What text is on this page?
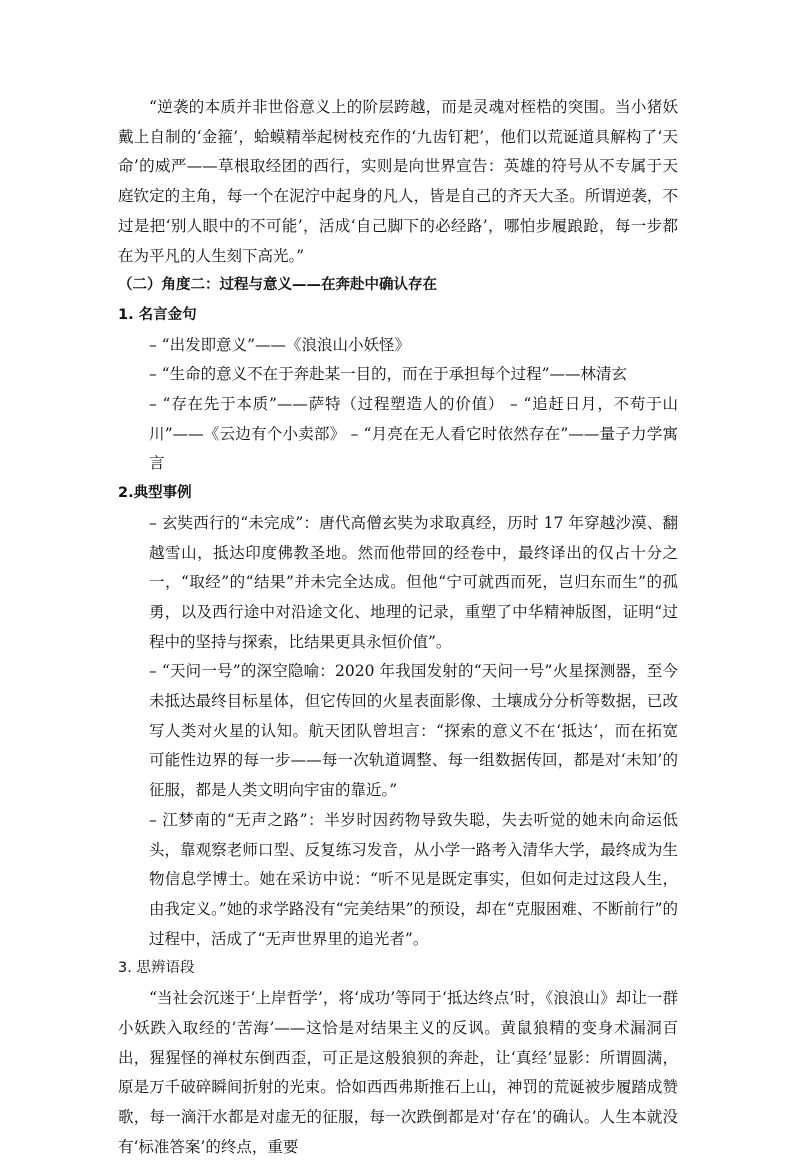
“逆袭的本质并非世俗意义上的阶层跨越，而是灵魂对桎梏的突围。当小猪妖戴上自制的‘金箍’，蛤蟆精举起树枝充作的‘九齿钉耙’，他们以荒诞道具解构了‘天命’的威严——草根取经团的西行，实则是向世界宣告：英雄的符号从不专属于天庭钦定的主角，每一个在泥泞中起身的凡人，皆是自己的齐天大圣。所谓逆袭，不过是把‘别人眼中的不可能’，活成‘自己脚下的必经路’，哪怕步履踉跄，每一步都在为平凡的人生刻下高光。”

（二）角度二：过程与意义——在奔赴中确认存在

1. 名言金句

– “出发即意义”——《浪浪山小妖怪》

– “生命的意义不在于奔赴某一目的，而在于承担每个过程”——林清玄

– “存在先于本质”——萨特（过程塑造人的价值） – “追赶日月，不苟于山川”——《云边有个小卖部》 – “月亮在无人看它时依然存在”——量子力学寓言

2.典型事例

– 玄奘西行的“未完成”：唐代高僧玄奘为求取真经，历时 17 年穿越沙漠、翻越雪山，抵达印度佛教圣地。然而他带回的经卷中，最终译出的仅占十分之一，“取经”的“结果”并未完全达成。但他“宁可就西而死，岂归东而生”的孤勇，以及西行途中对沿途文化、地理的记录，重塑了中华精神版图，证明“过程中的坚持与探索，比结果更具永恒价值”。

– “天问一号”的深空隐喻：2020 年我国发射的“天问一号”火星探测器，至今未抵达最终目标星体，但它传回的火星表面影像、土壤成分分析等数据，已改写人类对火星的认知。航天团队曾坦言：“探索的意义不在‘抵达’，而在拓宽可能性边界的每一步——每一次轨道调整、每一组数据传回，都是对‘未知’的征服，都是人类文明向宇宙的靠近。”

– 江梦南的“无声之路”：半岁时因药物导致失聪，失去听觉的她未向命运低头，靠观察老师口型、反复练习发音，从小学一路考入清华大学，最终成为生物信息学博士。她在采访中说：“听不见是既定事实，但如何走过这段人生，由我定义。”她的求学路没有“完美结果”的预设，却在“克服困难、不断前行”的过程中，活成了“无声世界里的追光者”。

3. 思辨语段

“当社会沉迷于‘上岸哲学’，将‘成功’等同于‘抵达终点’时，《浪浪山》却让一群小妖跌入取经的‘苦海’——这恰是对结果主义的反讽。黄鼠狼精的变身术漏洞百出，猩猩怪的禅杖东倒西歪，可正是这般狼狈的奔赴，让‘真经’显影：所谓圆满，原是万千破碎瞬间折射的光束。恰如西西弗斯推石上山，神罚的荒诞被步履踏成赞歌，每一滴汗水都是对虚无的征服，每一次跌倒都是对‘存在’的确认。人生本就没有‘标准答案’的终点，重要
